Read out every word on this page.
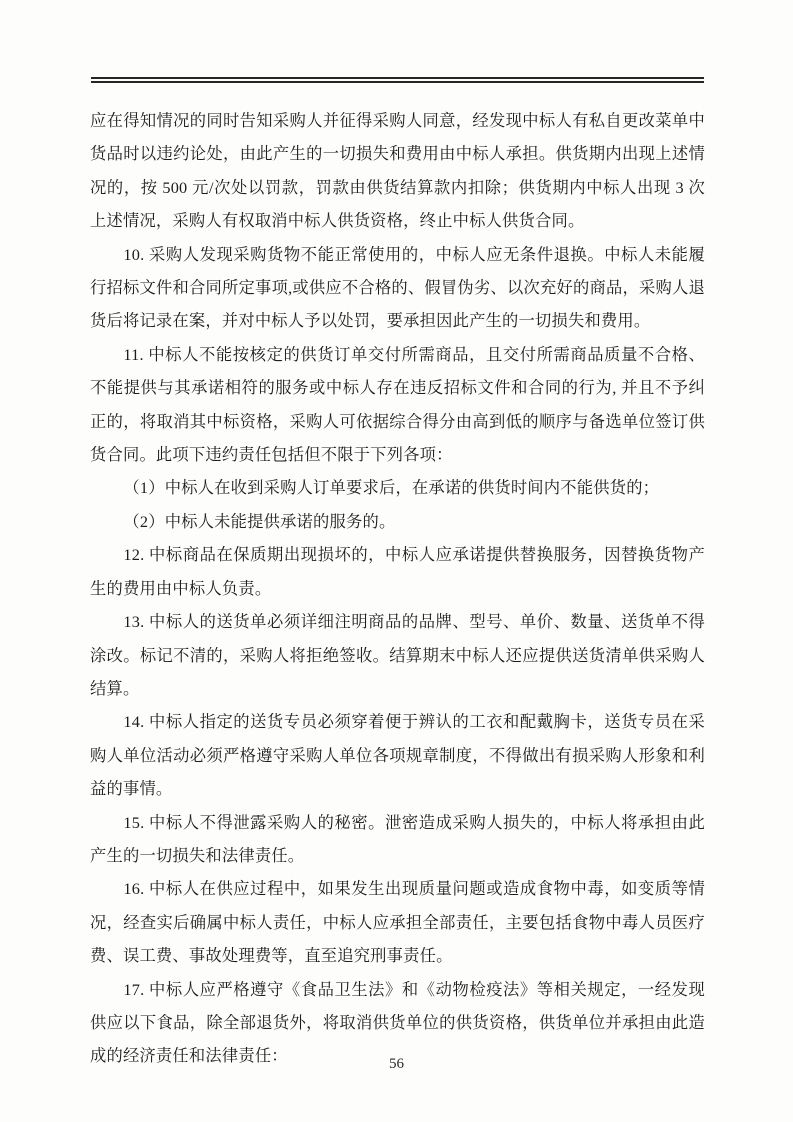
应在得知情况的同时告知采购人并征得采购人同意，经发现中标人有私自更改菜单中货品时以违约论处，由此产生的一切损失和费用由中标人承担。供货期内出现上述情况的，按 500 元/次处以罚款，罚款由供货结算款内扣除；供货期内中标人出现 3 次上述情况，采购人有权取消中标人供货资格，终止中标人供货合同。

10. 采购人发现采购货物不能正常使用的，中标人应无条件退换。中标人未能履行招标文件和合同所定事项,或供应不合格的、假冒伪劣、以次充好的商品，采购人退货后将记录在案，并对中标人予以处罚，要承担因此产生的一切损失和费用。

11. 中标人不能按核定的供货订单交付所需商品，且交付所需商品质量不合格、不能提供与其承诺相符的服务或中标人存在违反招标文件和合同的行为, 并且不予纠正的，将取消其中标资格，采购人可依据综合得分由高到低的顺序与备选单位签订供货合同。此项下违约责任包括但不限于下列各项：

（1）中标人在收到采购人订单要求后，在承诺的供货时间内不能供货的；

（2）中标人未能提供承诺的服务的。

12. 中标商品在保质期出现损坏的，中标人应承诺提供替换服务，因替换货物产生的费用由中标人负责。

13. 中标人的送货单必须详细注明商品的品牌、型号、单价、数量、送货单不得涂改。标记不清的，采购人将拒绝签收。结算期末中标人还应提供送货清单供采购人结算。

14. 中标人指定的送货专员必须穿着便于辨认的工衣和配戴胸卡，送货专员在采购人单位活动必须严格遵守采购人单位各项规章制度，不得做出有损采购人形象和利益的事情。

15. 中标人不得泄露采购人的秘密。泄密造成采购人损失的，中标人将承担由此产生的一切损失和法律责任。

16. 中标人在供应过程中，如果发生出现质量问题或造成食物中毒，如变质等情况，经查实后确属中标人责任，中标人应承担全部责任，主要包括食物中毒人员医疗费、误工费、事故处理费等，直至追究刑事责任。

17. 中标人应严格遵守《食品卫生法》和《动物检疫法》等相关规定，一经发现供应以下食品，除全部退货外，将取消供货单位的供货资格，供货单位并承担由此造成的经济责任和法律责任：	56
